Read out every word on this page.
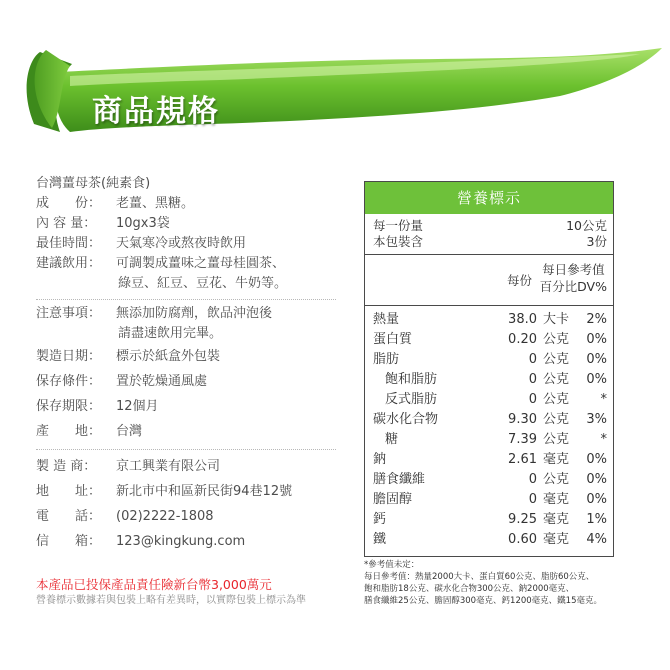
商品規格
台灣薑母茶(純素食)
成　　份：	老薑、黑糖。
內 容 量：	10gx3袋
最佳時間：	天氣寒冷或熬夜時飲用
建議飲用：	可調製成薑味之薑母桂圓茶、
綠豆、紅豆、豆花、牛奶等。
注意事項：	無添加防腐劑，飲品沖泡後
請盡速飲用完畢。
製造日期：	標示於紙盒外包裝
保存條件：	置於乾燥通風處
保存期限：	12個月
產　　地：	台灣
製 造 商：	京工興業有限公司
地　　址：	新北市中和區新民街94巷12號
電　　話：	(02)2222-1808
信　　箱：	123@kingkung.com
本產品已投保產品責任險新台幣3,000萬元
營養標示數據若與包裝上略有差異時，以實際包裝上標示為準
營養標示
每一份量	10公克
本包裝含	3份
每份
每日參考值
百分比DV%
熱量	38.0 大卡	2%
蛋白質	0.20 公克	0%
脂肪	0 公克	0%
飽和脂肪	0 公克	0%
反式脂肪	0 公克	*
碳水化合物	9.30 公克	3%
糖	7.39 公克	*
鈉	2.61 毫克	0%
膳食纖維	0 公克	0%
膽固醇	0 毫克	0%
鈣	9.25 毫克	1%
鐵	0.60 毫克	4%
*參考值未定：
每日參考值：熱量2000大卡、蛋白質60公克、脂肪60公克、
飽和脂肪18公克、碳水化合物300公克、鈉2000毫克、
膳食纖維25公克、膽固醇300毫克、鈣1200毫克、鐵15毫克。
